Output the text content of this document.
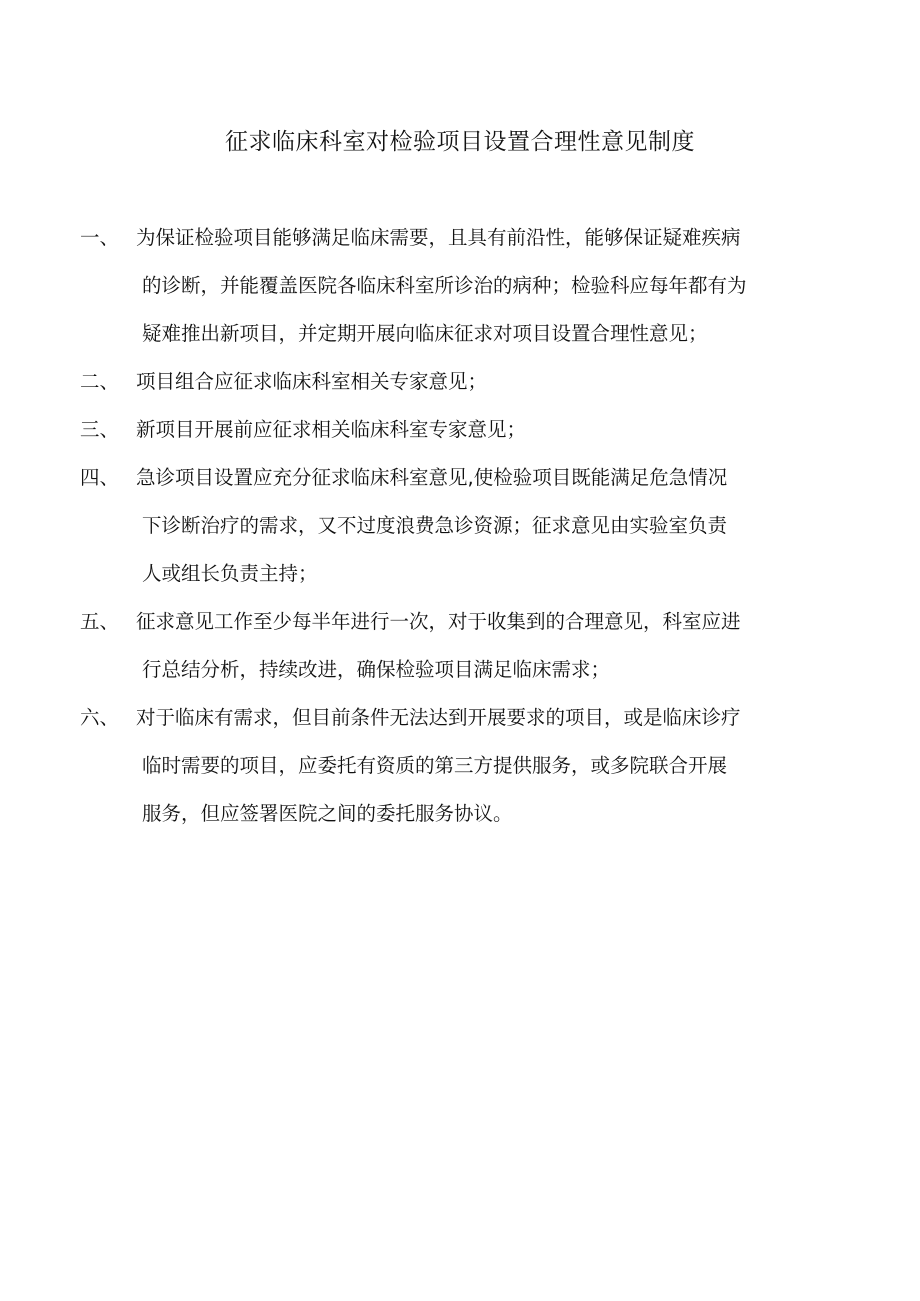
征求临床科室对检验项目设置合理性意见制度
一、 为保证检验项目能够满足临床需要，且具有前沿性，能够保证疑难疾病
的诊断，并能覆盖医院各临床科室所诊治的病种；检验科应每年都有为
疑难推出新项目，并定期开展向临床征求对项目设置合理性意见；
二、 项目组合应征求临床科室相关专家意见；
三、 新项目开展前应征求相关临床科室专家意见；
四、 急诊项目设置应充分征求临床科室意见,使检验项目既能满足危急情况
下诊断治疗的需求，又不过度浪费急诊资源；征求意见由实验室负责
人或组长负责主持；
五、 征求意见工作至少每半年进行一次，对于收集到的合理意见，科室应进
行总结分析，持续改进，确保检验项目满足临床需求；
六、 对于临床有需求，但目前条件无法达到开展要求的项目，或是临床诊疗
临时需要的项目，应委托有资质的第三方提供服务，或多院联合开展
服务，但应签署医院之间的委托服务协议。
